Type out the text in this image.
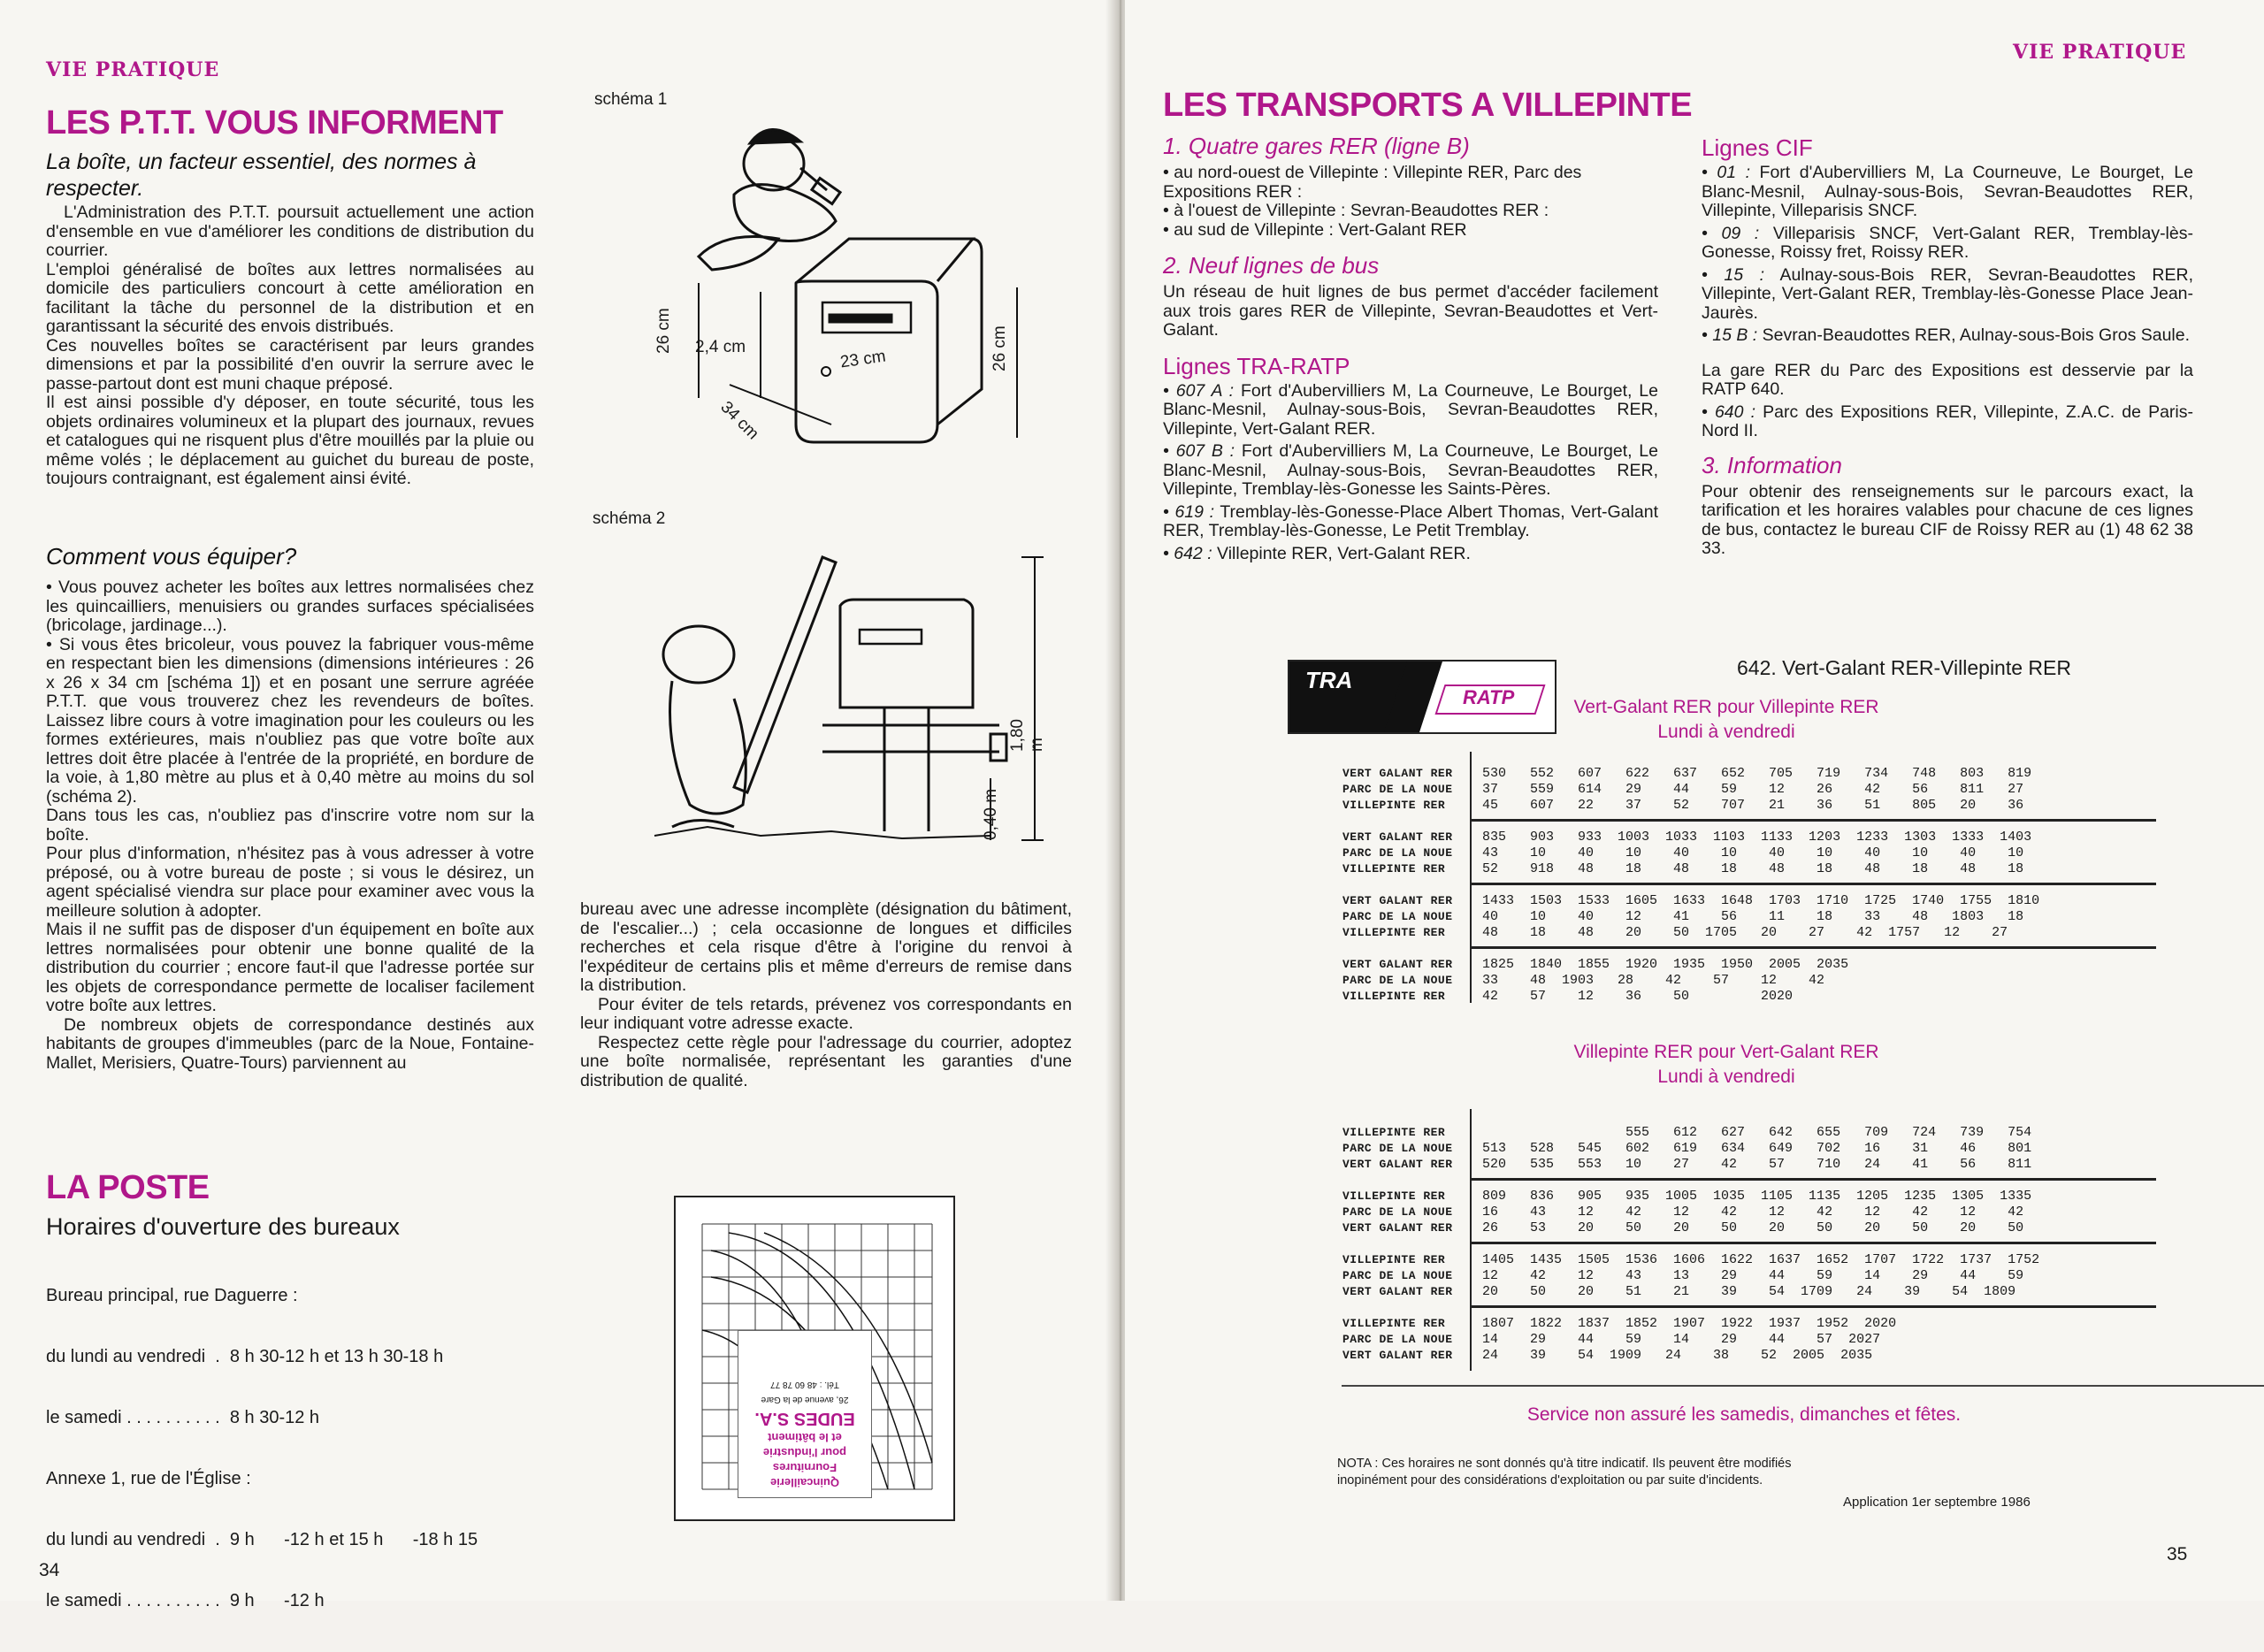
VIE PRATIQUE
LES P.T.T. VOUS INFORMENT
La boîte, un facteur essentiel, des normes à respecter.

L'Administration des P.T.T. poursuit actuellement une action d'ensemble en vue d'améliorer les conditions de distribution du courrier.

L'emploi généralisé de boîtes aux lettres normalisées au domicile des particuliers concourt à cette amélioration en facilitant la tâche du personnel de la distribution et en garantissant la sécurité des envois distribués.

Ces nouvelles boîtes se caractérisent par leurs grandes dimensions et par la possibilité d'en ouvrir la serrure avec le passe-partout dont est muni chaque préposé.

Il est ainsi possible d'y déposer, en toute sécurité, tous les objets ordinaires volumineux et la plupart des journaux, revues et catalogues qui ne risquent plus d'être mouillés par la pluie ou même volés ; le déplacement au guichet du bureau de poste, toujours contraignant, est également ainsi évité.

Comment vous équiper?

• Vous pouvez acheter les boîtes aux lettres normalisées chez les quincailliers, menuisiers ou grandes surfaces spécialisées (bricolage, jardinage...).

• Si vous êtes bricoleur, vous pouvez la fabriquer vous-même en respectant bien les dimensions (dimensions intérieures : 26 x 26 x 34 cm [schéma 1]) et en posant une serrure agréée P.T.T. que vous trouverez chez les revendeurs de boîtes. Laissez libre cours à votre imagination pour les couleurs ou les formes extérieures, mais n'oubliez pas que votre boîte aux lettres doit être placée à l'entrée de la propriété, en bordure de la voie, à 1,80 mètre au plus et à 0,40 mètre au moins du sol (schéma 2).

Dans tous les cas, n'oubliez pas d'inscrire votre nom sur la boîte.

Pour plus d'information, n'hésitez pas à vous adresser à votre préposé, ou à votre bureau de poste ; si vous le désirez, un agent spécialisé viendra sur place pour examiner avec vous la meilleure solution à adopter.

Mais il ne suffit pas de disposer d'un équipement en boîte aux lettres normalisées pour obtenir une bonne qualité de la distribution du courrier ; encore faut-il que l'adresse portée sur les objets de correspondance permette de localiser facilement votre boîte aux lettres.

De nombreux objets de correspondance destinés aux habitants de groupes d'immeubles (parc de la Noue, Fontaine-Mallet, Merisiers, Quatre-Tours) parviennent au

schéma 1
26 cm 2,4 cm
23 cm
34 cm
26 cm
schéma 2
1,80 m
0,40 m

bureau avec une adresse incomplète (désignation du bâtiment, de l'escalier...) ; cela occasionne de longues et difficiles recherches et cela risque d'être à l'origine du renvoi à l'expéditeur de certains plis et même d'erreurs de remise dans la distribution.

Pour éviter de tels retards, prévenez vos correspondants en leur indiquant votre adresse exacte.

Respectez cette règle pour l'adressage du courrier, adoptez une boîte normalisée, représentant les garanties d'une distribution de qualité.

LA POSTE
Horaires d'ouverture des bureaux

Bureau principal, rue Daguerre :

du lundi au vendredi  .  8 h 30-12 h et 13 h 30-18 h

le samedi . . . . . . . . . .  8 h 30-12 h

Annexe 1, rue de l'Église :

du lundi au vendredi  .  9 h      -12 h et 15 h      -18 h 15

le samedi . . . . . . . . . .  9 h      -12 h

Quincaillerie
Fournitures
pour l'industrie
et le bâtiment
EUDES S.A.
26, avenue de la Gare
Tél. : 48 60 78 77
34
VIE PRATIQUE
LES TRANSPORTS A VILLEPINTE
1. Quatre gares RER (ligne B)

• au nord-ouest de Villepinte : Villepinte RER, Parc des Expositions RER :

• à l'ouest de Villepinte : Sevran-Beaudottes RER :

• au sud de Villepinte : Vert-Galant RER

2. Neuf lignes de bus
Un réseau de huit lignes de bus permet d'accéder facilement aux trois gares RER de Villepinte, Sevran-Beaudottes et Vert-Galant.
Lignes TRA-RATP

• 607 A : Fort d'Aubervilliers M, La Courneuve, Le Bourget, Le Blanc-Mesnil, Aulnay-sous-Bois, Sevran-Beaudottes RER, Villepinte, Vert-Galant RER.

• 607 B : Fort d'Aubervilliers M, La Courneuve, Le Bourget, Le Blanc-Mesnil, Aulnay-sous-Bois, Sevran-Beaudottes RER, Villepinte, Tremblay-lès-Gonesse les Saints-Pères.

• 619 : Tremblay-lès-Gonesse-Place Albert Thomas, Vert-Galant RER, Tremblay-lès-Gonesse, Le Petit Tremblay.

• 642 : Villepinte RER, Vert-Galant RER.

Lignes CIF

• 01 : Fort d'Aubervilliers M, La Courneuve, Le Bourget, Le Blanc-Mesnil, Aulnay-sous-Bois, Sevran-Beaudottes RER, Villepinte, Villeparisis SNCF.

• 09 : Villeparisis SNCF, Vert-Galant RER, Tremblay-lès-Gonesse, Roissy fret, Roissy RER.

• 15 : Aulnay-sous-Bois RER, Sevran-Beaudottes RER, Villepinte, Vert-Galant RER, Tremblay-lès-Gonesse Place Jean-Jaurès.

• 15 B : Sevran-Beaudottes RER, Aulnay-sous-Bois Gros Saule.

La gare RER du Parc des Expositions est desservie par la RATP 640.

• 640 : Parc des Expositions RER, Villepinte, Z.A.C. de Paris-Nord II.

3. Information
Pour obtenir des renseignements sur le parcours exact, la tarification et les horaires valables pour chacune de ces lignes de bus, contactez le bureau CIF de Roissy RER au (1) 48 62 38 33.
TRA
RATP
642. Vert-Galant RER-Villepinte RER
Vert-Galant RER pour Villepinte RER
Lundi à vendredi
VERT GALANT RER
PARC DE LA NOUE
VILLEPINTE RER
VERT GALANT RER
PARC DE LA NOUE
VILLEPINTE RER
VERT GALANT RER
PARC DE LA NOUE
VILLEPINTE RER
VERT GALANT RER
PARC DE LA NOUE
VILLEPINTE RER
530   552   607   622   637   652   705   719   734   748   803   819
37    559   614   29    44    59    12    26    42    56    811   27
45    607   22    37    52    707   21    36    51    805   20    36
835   903   933  1003  1033  1103  1133  1203  1233  1303  1333  1403
43    10    40    10    40    10    40    10    40    10    40    10
52    918   48    18    48    18    48    18    48    18    48    18
1433  1503  1533  1605  1633  1648  1703  1710  1725  1740  1755  1810
40    10    40    12    41    56    11    18    33    48   1803   18
48    18    48    20    50  1705   20    27    42  1757   12    27
1825  1840  1855  1920  1935  1950  2005  2035
33    48  1903   28    42    57    12    42
42    57    12    36    50         2020
Villepinte RER pour Vert-Galant RER
Lundi à vendredi
VILLEPINTE RER
PARC DE LA NOUE
VERT GALANT RER
VILLEPINTE RER
PARC DE LA NOUE
VERT GALANT RER
VILLEPINTE RER
PARC DE LA NOUE
VERT GALANT RER
VILLEPINTE RER
PARC DE LA NOUE
VERT GALANT RER
555   612   627   642   655   709   724   739   754
513   528   545   602   619   634   649   702   16    31    46    801
520   535   553   10    27    42    57    710   24    41    56    811
809   836   905   935  1005  1035  1105  1135  1205  1235  1305  1335
16    43    12    42    12    42    12    42    12    42    12    42
26    53    20    50    20    50    20    50    20    50    20    50
1405  1435  1505  1536  1606  1622  1637  1652  1707  1722  1737  1752
12    42    12    43    13    29    44    59    14    29    44    59
20    50    20    51    21    39    54  1709   24    39    54  1809
1807  1822  1837  1852  1907  1922  1937  1952  2020
14    29    44    59    14    29    44    57  2027
24    39    54  1909   24    38    52  2005  2035
Service non assuré les samedis, dimanches et fêtes.
NOTA : Ces horaires ne sont donnés qu'à titre indicatif. Ils peuvent être modifiés inopinément pour des considérations d'exploitation ou par suite d'incidents.
Application 1er septembre 1986
35
